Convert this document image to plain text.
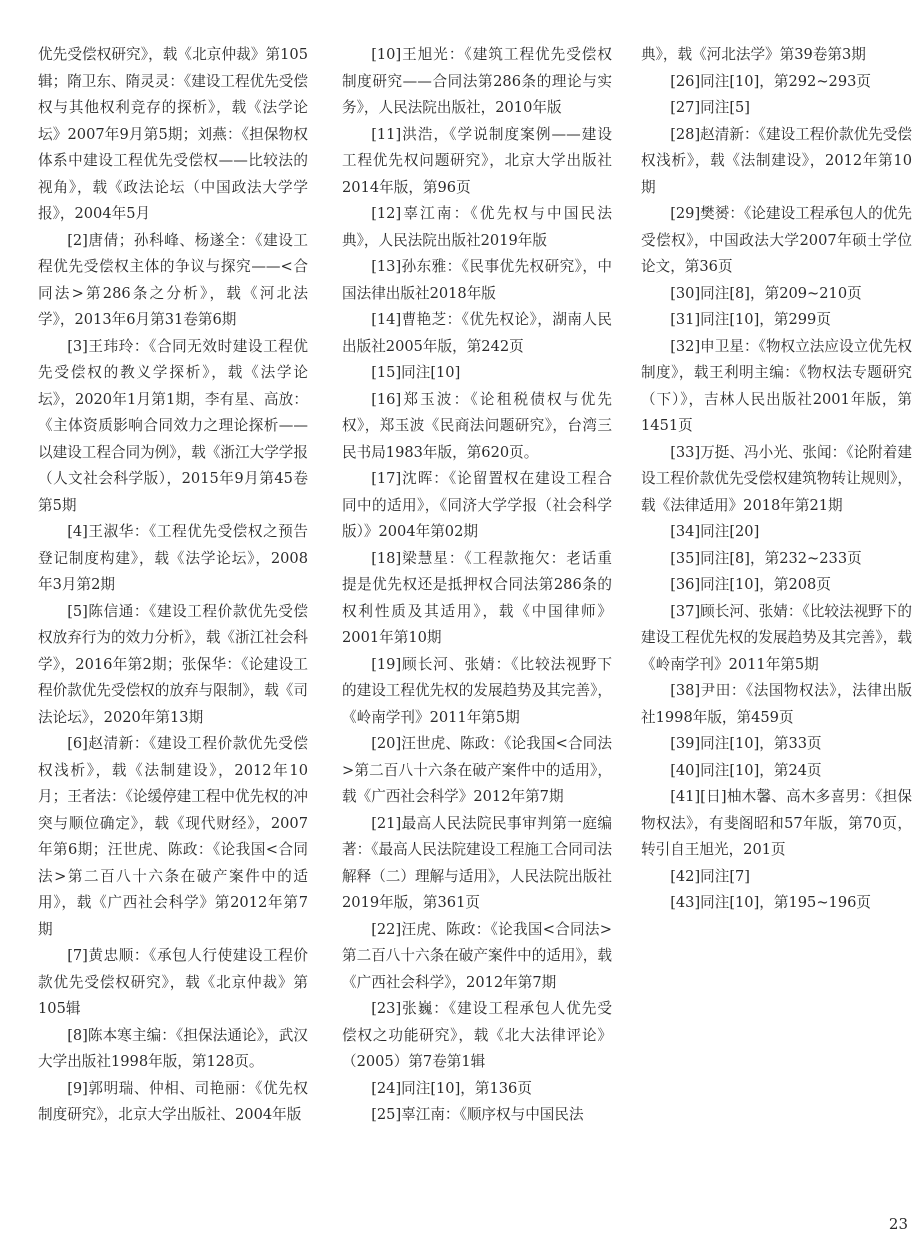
优先受偿权研究》，载《北京仲裁》第105辑；隋卫东、隋灵灵：《建设工程优先受偿权与其他权利竞存的探析》，载《法学论坛》2007年9月第5期；刘燕：《担保物权体系中建设工程优先受偿权——比较法的视角》，载《政法论坛（中国政法大学学报》，2004年5月

[2]唐倩；孙科峰、杨遂全：《建设工程优先受偿权主体的争议与探究——<合同法>第286条之分析》，载《河北法学》，2013年6月第31卷第6期

[3]王玮玲：《合同无效时建设工程优先受偿权的教义学探析》，载《法学论坛》，2020年1月第1期，李有星、高放：《主体资质影响合同效力之理论探析——以建设工程合同为例》，载《浙江大学学报（人文社会科学版），2015年9月第45卷第5期

[4]王淑华：《工程优先受偿权之预告登记制度构建》，载《法学论坛》，2008年3月第2期

[5]陈信通：《建设工程价款优先受偿权放弃行为的效力分析》，载《浙江社会科学》，2016年第2期；张保华：《论建设工程价款优先受偿权的放弃与限制》，载《司法论坛》，2020年第13期

[6]赵清新：《建设工程价款优先受偿权浅析》，载《法制建设》，2012年10月；王者法：《论缓停建工程中优先权的冲突与顺位确定》，载《现代财经》，2007年第6期；汪世虎、陈政：《论我国<合同法>第二百八十六条在破产案件中的适用》，载《广西社会科学》第2012年第7期

[7]黄忠顺：《承包人行使建设工程价款优先受偿权研究》，载《北京仲裁》第105辑

[8]陈本寒主编：《担保法通论》，武汉大学出版社1998年版，第128页。

[9]郭明瑞、仲相、司艳丽：《优先权制度研究》，北京大学出版社、2004年版

[10]王旭光：《建筑工程优先受偿权制度研究——合同法第286条的理论与实务》，人民法院出版社，2010年版

[11]洪浩，《学说制度案例——建设工程优先权问题研究》，北京大学出版社2014年版，第96页

[12]辜江南：《优先权与中国民法典》，人民法院出版社2019年版

[13]孙东雅：《民事优先权研究》，中国法律出版社2018年版

[14]曹艳芝：《优先权论》，湖南人民出版社2005年版，第242页

[15]同注[10]

[16]郑玉波：《论租税债权与优先权》，郑玉波《民商法问题研究》，台湾三民书局1983年版，第620页。

[17]沈晖：《论留置权在建设工程合同中的适用》，《同济大学学报（社会科学版）》2004年第02期

[18]梁慧星：《工程款拖欠：老话重提是优先权还是抵押权合同法第286条的权利性质及其适用》，载《中国律师》2001年第10期

[19]顾长河、张婧：《比较法视野下的建设工程优先权的发展趋势及其完善》，《岭南学刊》2011年第5期

[20]汪世虎、陈政：《论我国<合同法>第二百八十六条在破产案件中的适用》，载《广西社会科学》2012年第7期

[21]最高人民法院民事审判第一庭编著：《最高人民法院建设工程施工合同司法解释（二）理解与适用》，人民法院出版社2019年版，第361页

[22]汪虎、陈政：《论我国<合同法>第二百八十六条在破产案件中的适用》，载《广西社会科学》，2012年第7期

[23]张巍：《建设工程承包人优先受偿权之功能研究》，载《北大法律评论》（2005）第7卷第1辑

[24]同注[10]，第136页

[25]辜江南：《顺序权与中国民法

典》，载《河北法学》第39卷第3期

[26]同注[10]，第292~293页

[27]同注[5]

[28]赵清新：《建设工程价款优先受偿权浅析》，载《法制建设》，2012年第10期

[29]樊赟：《论建设工程承包人的优先受偿权》，中国政法大学2007年硕士学位论文，第36页

[30]同注[8]，第209~210页

[31]同注[10]，第299页

[32]申卫星：《物权立法应设立优先权制度》，载王利明主编：《物权法专题研究（下）》，吉林人民出版社2001年版，第1451页

[33]万挺、冯小光、张闻：《论附着建设工程价款优先受偿权建筑物转让规则》，载《法律适用》2018年第21期

[34]同注[20]

[35]同注[8]，第232~233页

[36]同注[10]，第208页

[37]顾长河、张婧：《比较法视野下的建设工程优先权的发展趋势及其完善》，载《岭南学刊》2011年第5期

[38]尹田：《法国物权法》，法律出版社1998年版，第459页

[39]同注[10]，第33页

[40]同注[10]，第24页

[41][日]柚木馨、高木多喜男：《担保物权法》，有斐阁昭和57年版，第70页，转引自王旭光，201页

[42]同注[7]

[43]同注[10]，第195~196页

23
